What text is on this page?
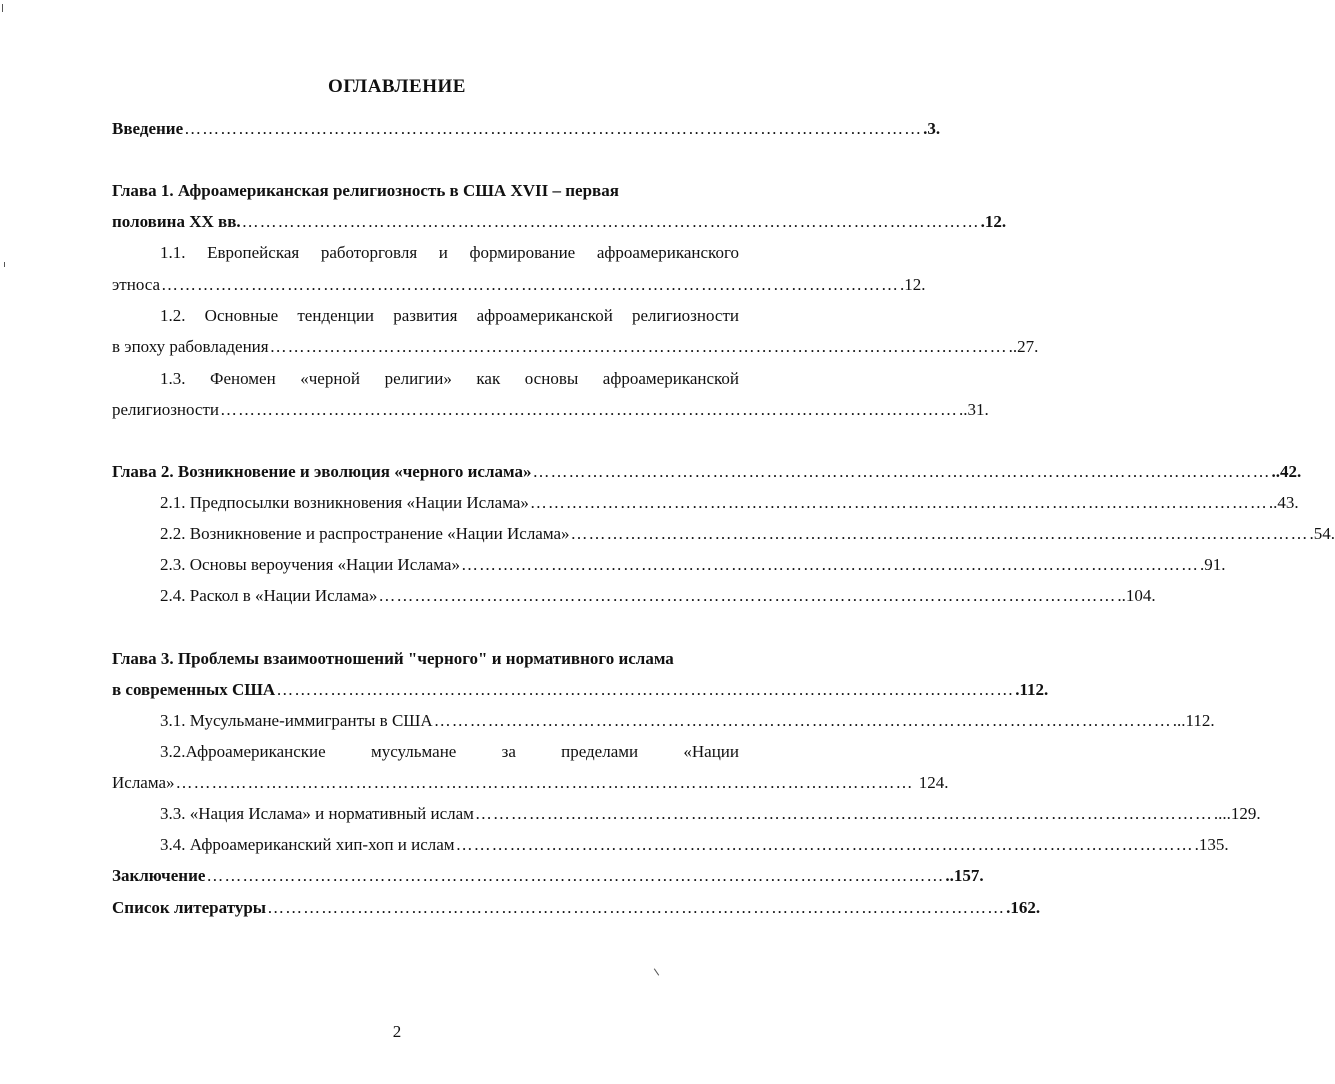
ОГЛАВЛЕНИЕ
Введение …………………………………………………………………………………………………………… .3.
Глава 1. Афроамериканская религиозность в США XVII – первая
половина XX вв. …………………………………………………………………………………………………………… .12.
1.1. Европейская работорговля и формирование афроамериканского
этноса …………………………………………………………………………………………………………… .12.
1.2. Основные тенденции развития афроамериканской религиозности
в эпоху рабовладения …………………………………………………………………………………………………………… ..27.
1.3. Феномен «черной религии» как основы афроамериканской
религиозности …………………………………………………………………………………………………………… ..31.
Глава 2. Возникновение и эволюция «черного ислама» …………………………………………………………………………………………………………… ..42.
2.1. Предпосылки возникновения «Нации Ислама» …………………………………………………………………………………………………………… ..43.
2.2. Возникновение и распространение «Нации Ислама» …………………………………………………………………………………………………………… .54.
2.3. Основы вероучения «Нации Ислама» …………………………………………………………………………………………………………… .91.
2.4. Раскол в «Нации Ислама» …………………………………………………………………………………………………………… ..104.
Глава 3. Проблемы взаимоотношений "черного" и нормативного ислама
в современных США …………………………………………………………………………………………………………… .112.
3.1. Мусульмане-иммигранты в США …………………………………………………………………………………………………………… ...112.
3.2.Афроамериканские мусульмане за пределами «Нации
Ислама» …………………………………………………………………………………………………………… 124.
3.3. «Нация Ислама» и нормативный ислам …………………………………………………………………………………………………………… ....129.
3.4. Афроамериканский хип-хоп и ислам …………………………………………………………………………………………………………… .135.
Заключение …………………………………………………………………………………………………………… ..157.
Список литературы …………………………………………………………………………………………………………… .162.
2
